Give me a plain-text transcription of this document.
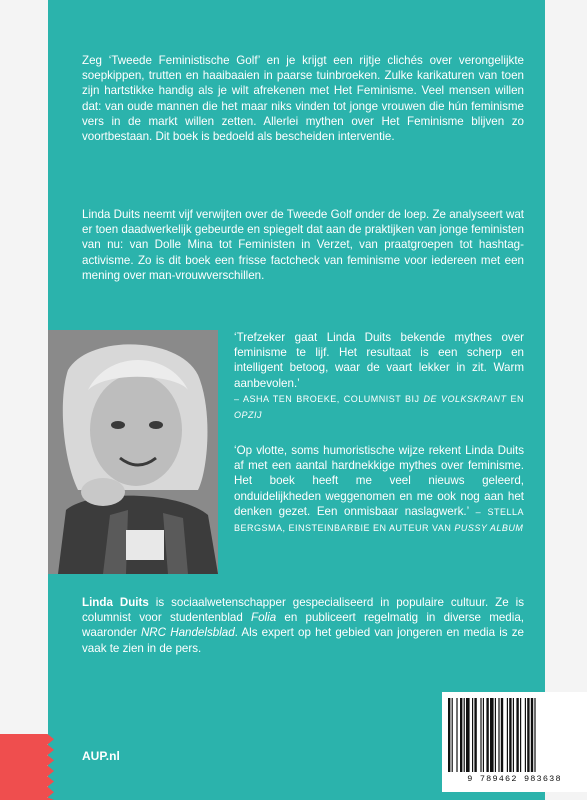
Zeg ‘Tweede Feministische Golf’ en je krijgt een rijtje clichés over verongelijkte soepkippen, trutten en haaibaaien in paarse tuinbroeken. Zulke karikaturen van toen zijn hartstikke handig als je wilt afrekenen met Het Feminisme. Veel mensen willen dat: van oude mannen die het maar niks vinden tot jonge vrouwen die hún feminisme vers in de markt willen zetten. Allerlei mythen over Het Feminisme blijven zo voortbestaan. Dit boek is bedoeld als bescheiden interventie.

Linda Duits neemt vijf verwijten over de Tweede Golf onder de loep. Ze analyseert wat er toen daadwerkelijk gebeurde en spiegelt dat aan de praktijken van jonge feministen van nu: van Dolle Mina tot Feministen in Verzet, van praatgroepen tot hashtag-activisme. Zo is dit boek een frisse factcheck van feminisme voor iedereen met een mening over man-vrouwverschillen.

‘Trefzeker gaat Linda Duits bekende mythes over feminisme te lijf. Het resultaat is een scherp en intelligent betoog, waar de vaart lekker in zit. Warm aanbevolen.’
– ASHA TEN BROEKE, COLUMNIST BIJ DE VOLKSKRANT EN OPZIJ

‘Op vlotte, soms humoristische wijze rekent Linda Duits af met een aantal hardnekkige mythes over feminisme. Het boek heeft me veel nieuws geleerd, onduidelijkheden weggenomen en me ook nog aan het denken gezet. Een onmisbaar naslagwerk.’ – STELLA BERGSMA, EINSTEINBARBIE EN AUTEUR VAN PUSSY ALBUM

Linda Duits is sociaalwetenschapper gespecialiseerd in populaire cultuur. Ze is columnist voor studentenblad Folia en publiceert regelmatig in diverse media, waaronder NRC Handelsblad. Als expert op het gebied van jongeren en media is ze vaak te zien in de pers.

AUP.nl
9 789462 983638
